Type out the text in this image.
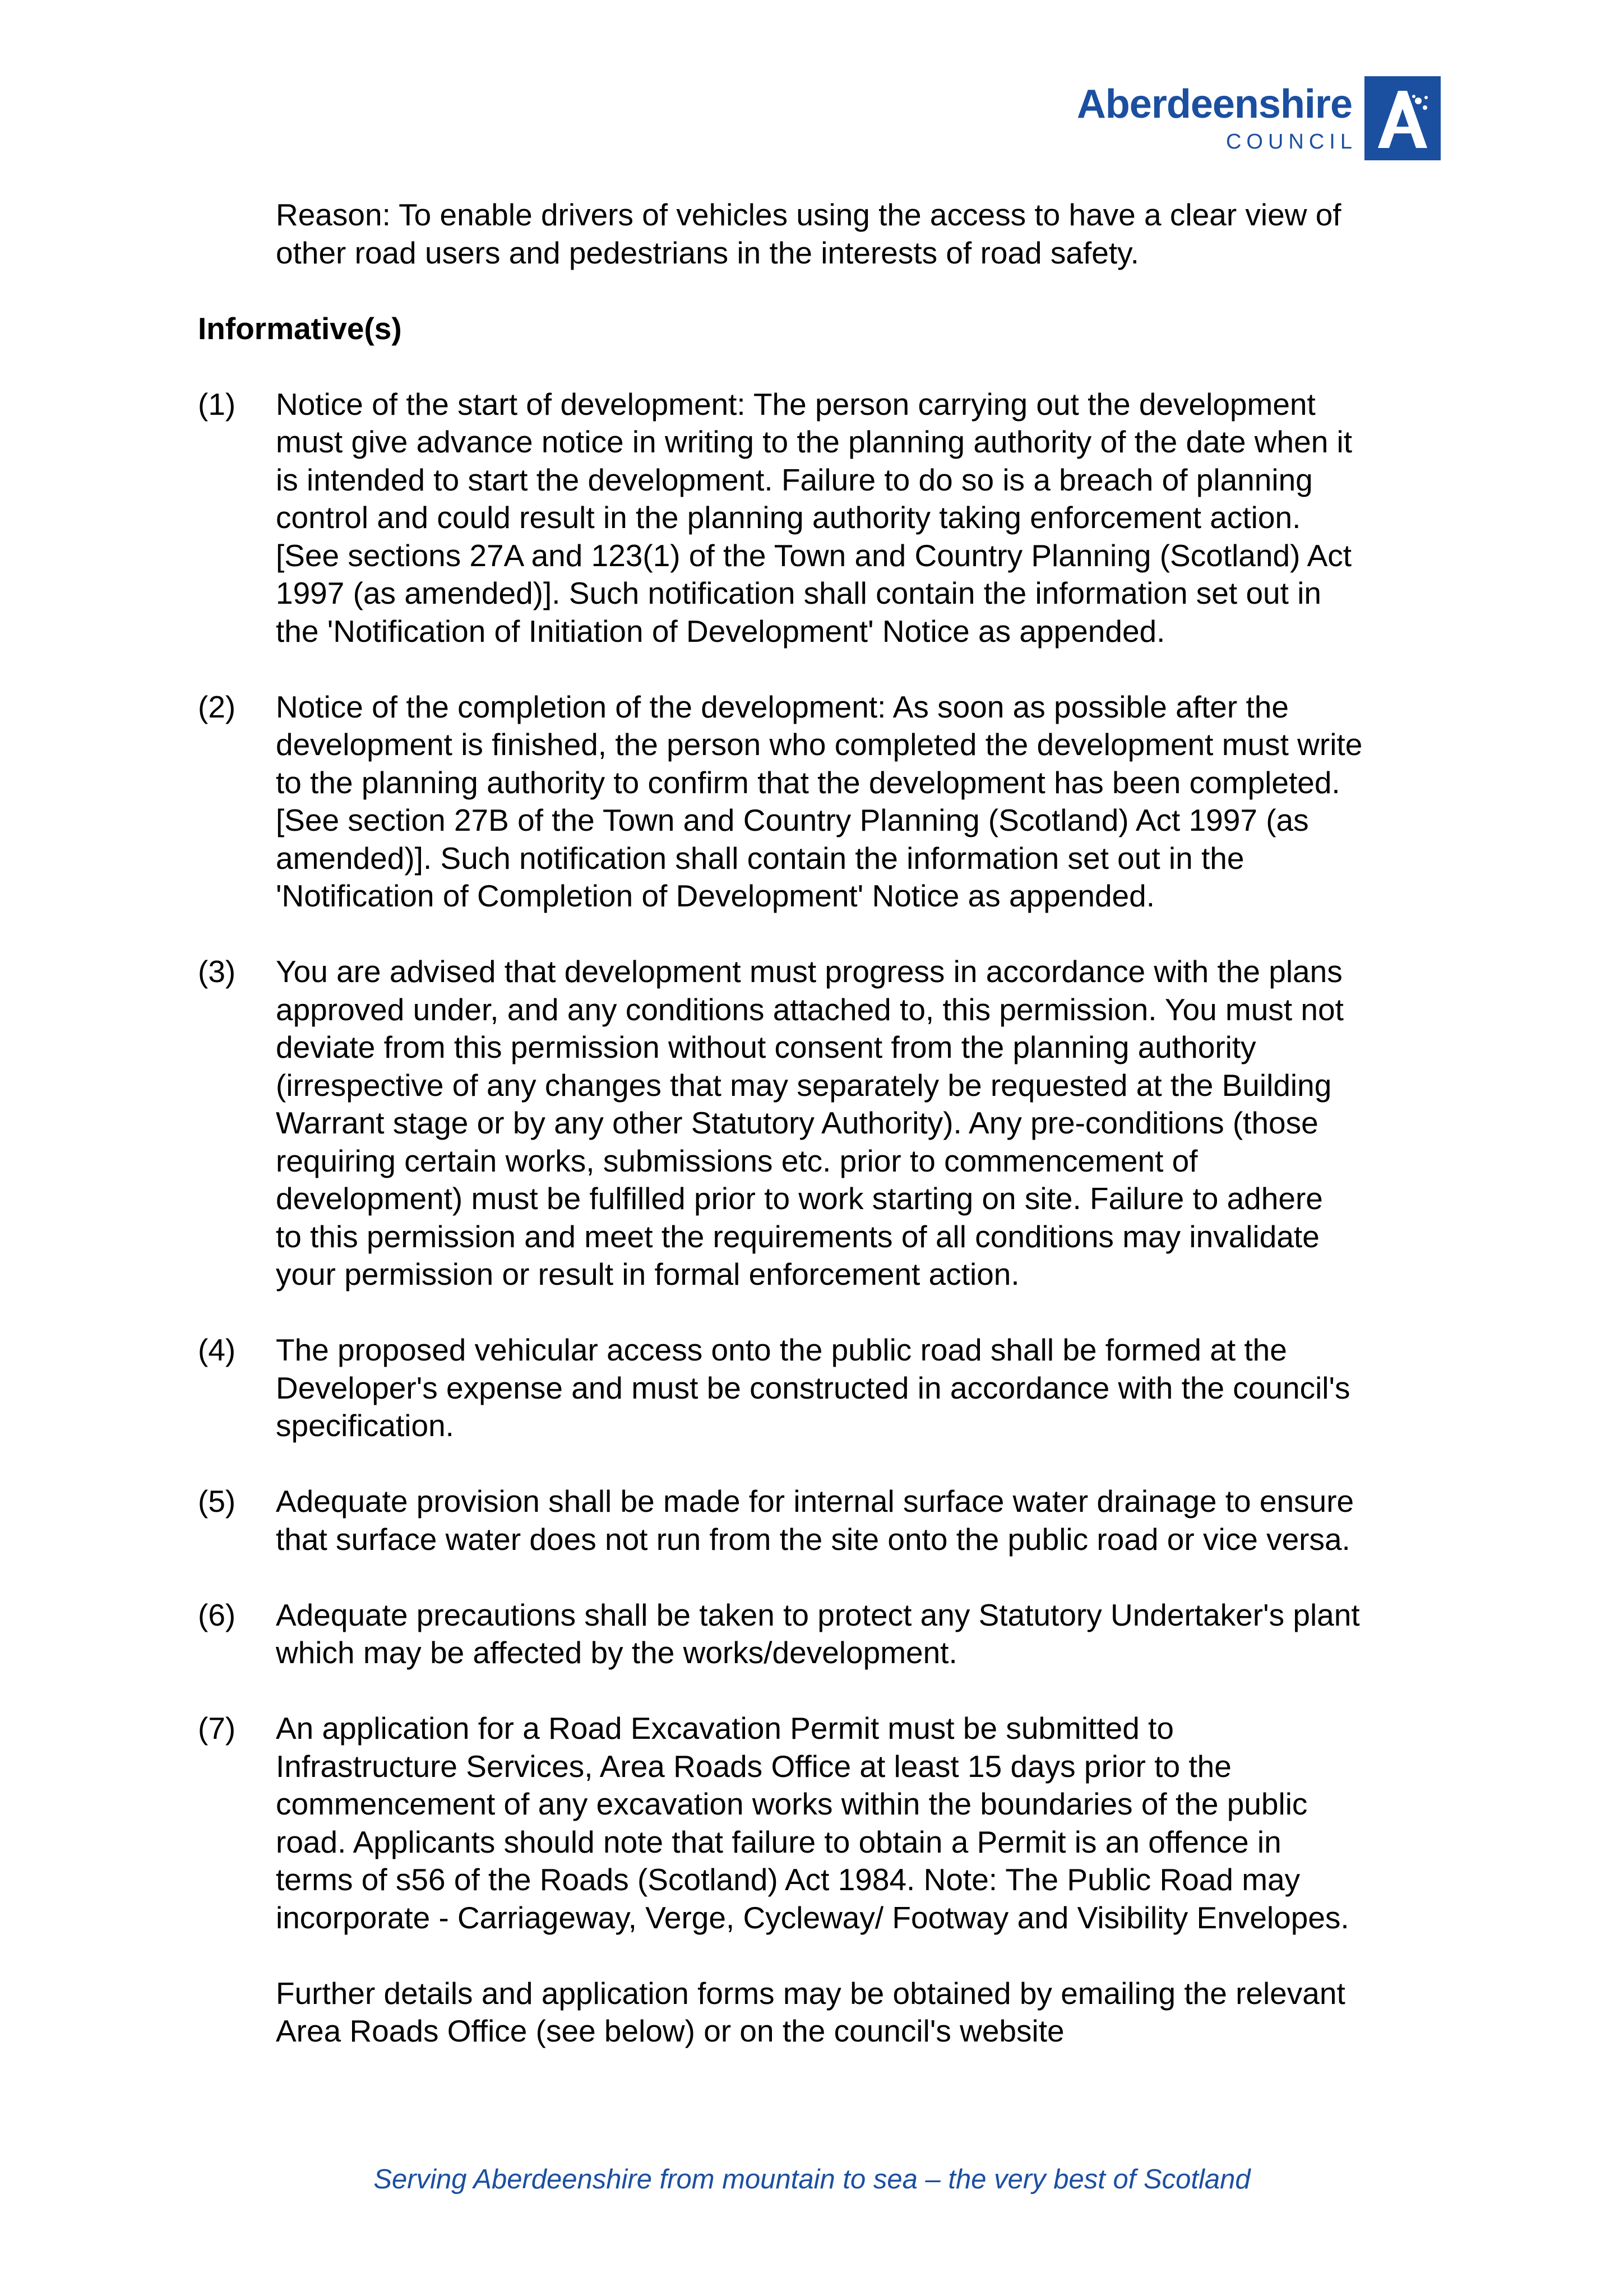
Aberdeenshire
COUNCIL
Reason: To enable drivers of vehicles using the access to have a clear view of
other road users and pedestrians in the interests of road safety.

Informative(s)

(1)	Notice of the start of development: The person carrying out the development
must give advance notice in writing to the planning authority of the date when it
is intended to start the development. Failure to do so is a breach of planning
control and could result in the planning authority taking enforcement action.
[See sections 27A and 123(1) of the Town and Country Planning (Scotland) Act
1997 (as amended)]. Such notification shall contain the information set out in
the 'Notification of Initiation of Development' Notice as appended.
(2)	Notice of the completion of the development: As soon as possible after the
development is finished, the person who completed the development must write
to the planning authority to confirm that the development has been completed.
[See section 27B of the Town and Country Planning (Scotland) Act 1997 (as
amended)]. Such notification shall contain the information set out in the
'Notification of Completion of Development' Notice as appended.
(3)	You are advised that development must progress in accordance with the plans
approved under, and any conditions attached to, this permission. You must not
deviate from this permission without consent from the planning authority
(irrespective of any changes that may separately be requested at the Building
Warrant stage or by any other Statutory Authority). Any pre-conditions (those
requiring certain works, submissions etc. prior to commencement of
development) must be fulfilled prior to work starting on site. Failure to adhere
to this permission and meet the requirements of all conditions may invalidate
your permission or result in formal enforcement action.
(4)	The proposed vehicular access onto the public road shall be formed at the
Developer's expense and must be constructed in accordance with the council's
specification.
(5)	Adequate provision shall be made for internal surface water drainage to ensure
that surface water does not run from the site onto the public road or vice versa.
(6)	Adequate precautions shall be taken to protect any Statutory Undertaker's plant
which may be affected by the works/development.
(7)	An application for a Road Excavation Permit must be submitted to
Infrastructure Services, Area Roads Office at least 15 days prior to the
commencement of any excavation works within the boundaries of the public
road. Applicants should note that failure to obtain a Permit is an offence in
terms of s56 of the Roads (Scotland) Act 1984. Note: The Public Road may
incorporate - Carriageway, Verge, Cycleway/ Footway and Visibility Envelopes.
Further details and application forms may be obtained by emailing the relevant
Area Roads Office (see below) or on the council's website
Serving Aberdeenshire from mountain to sea – the very best of Scotland
